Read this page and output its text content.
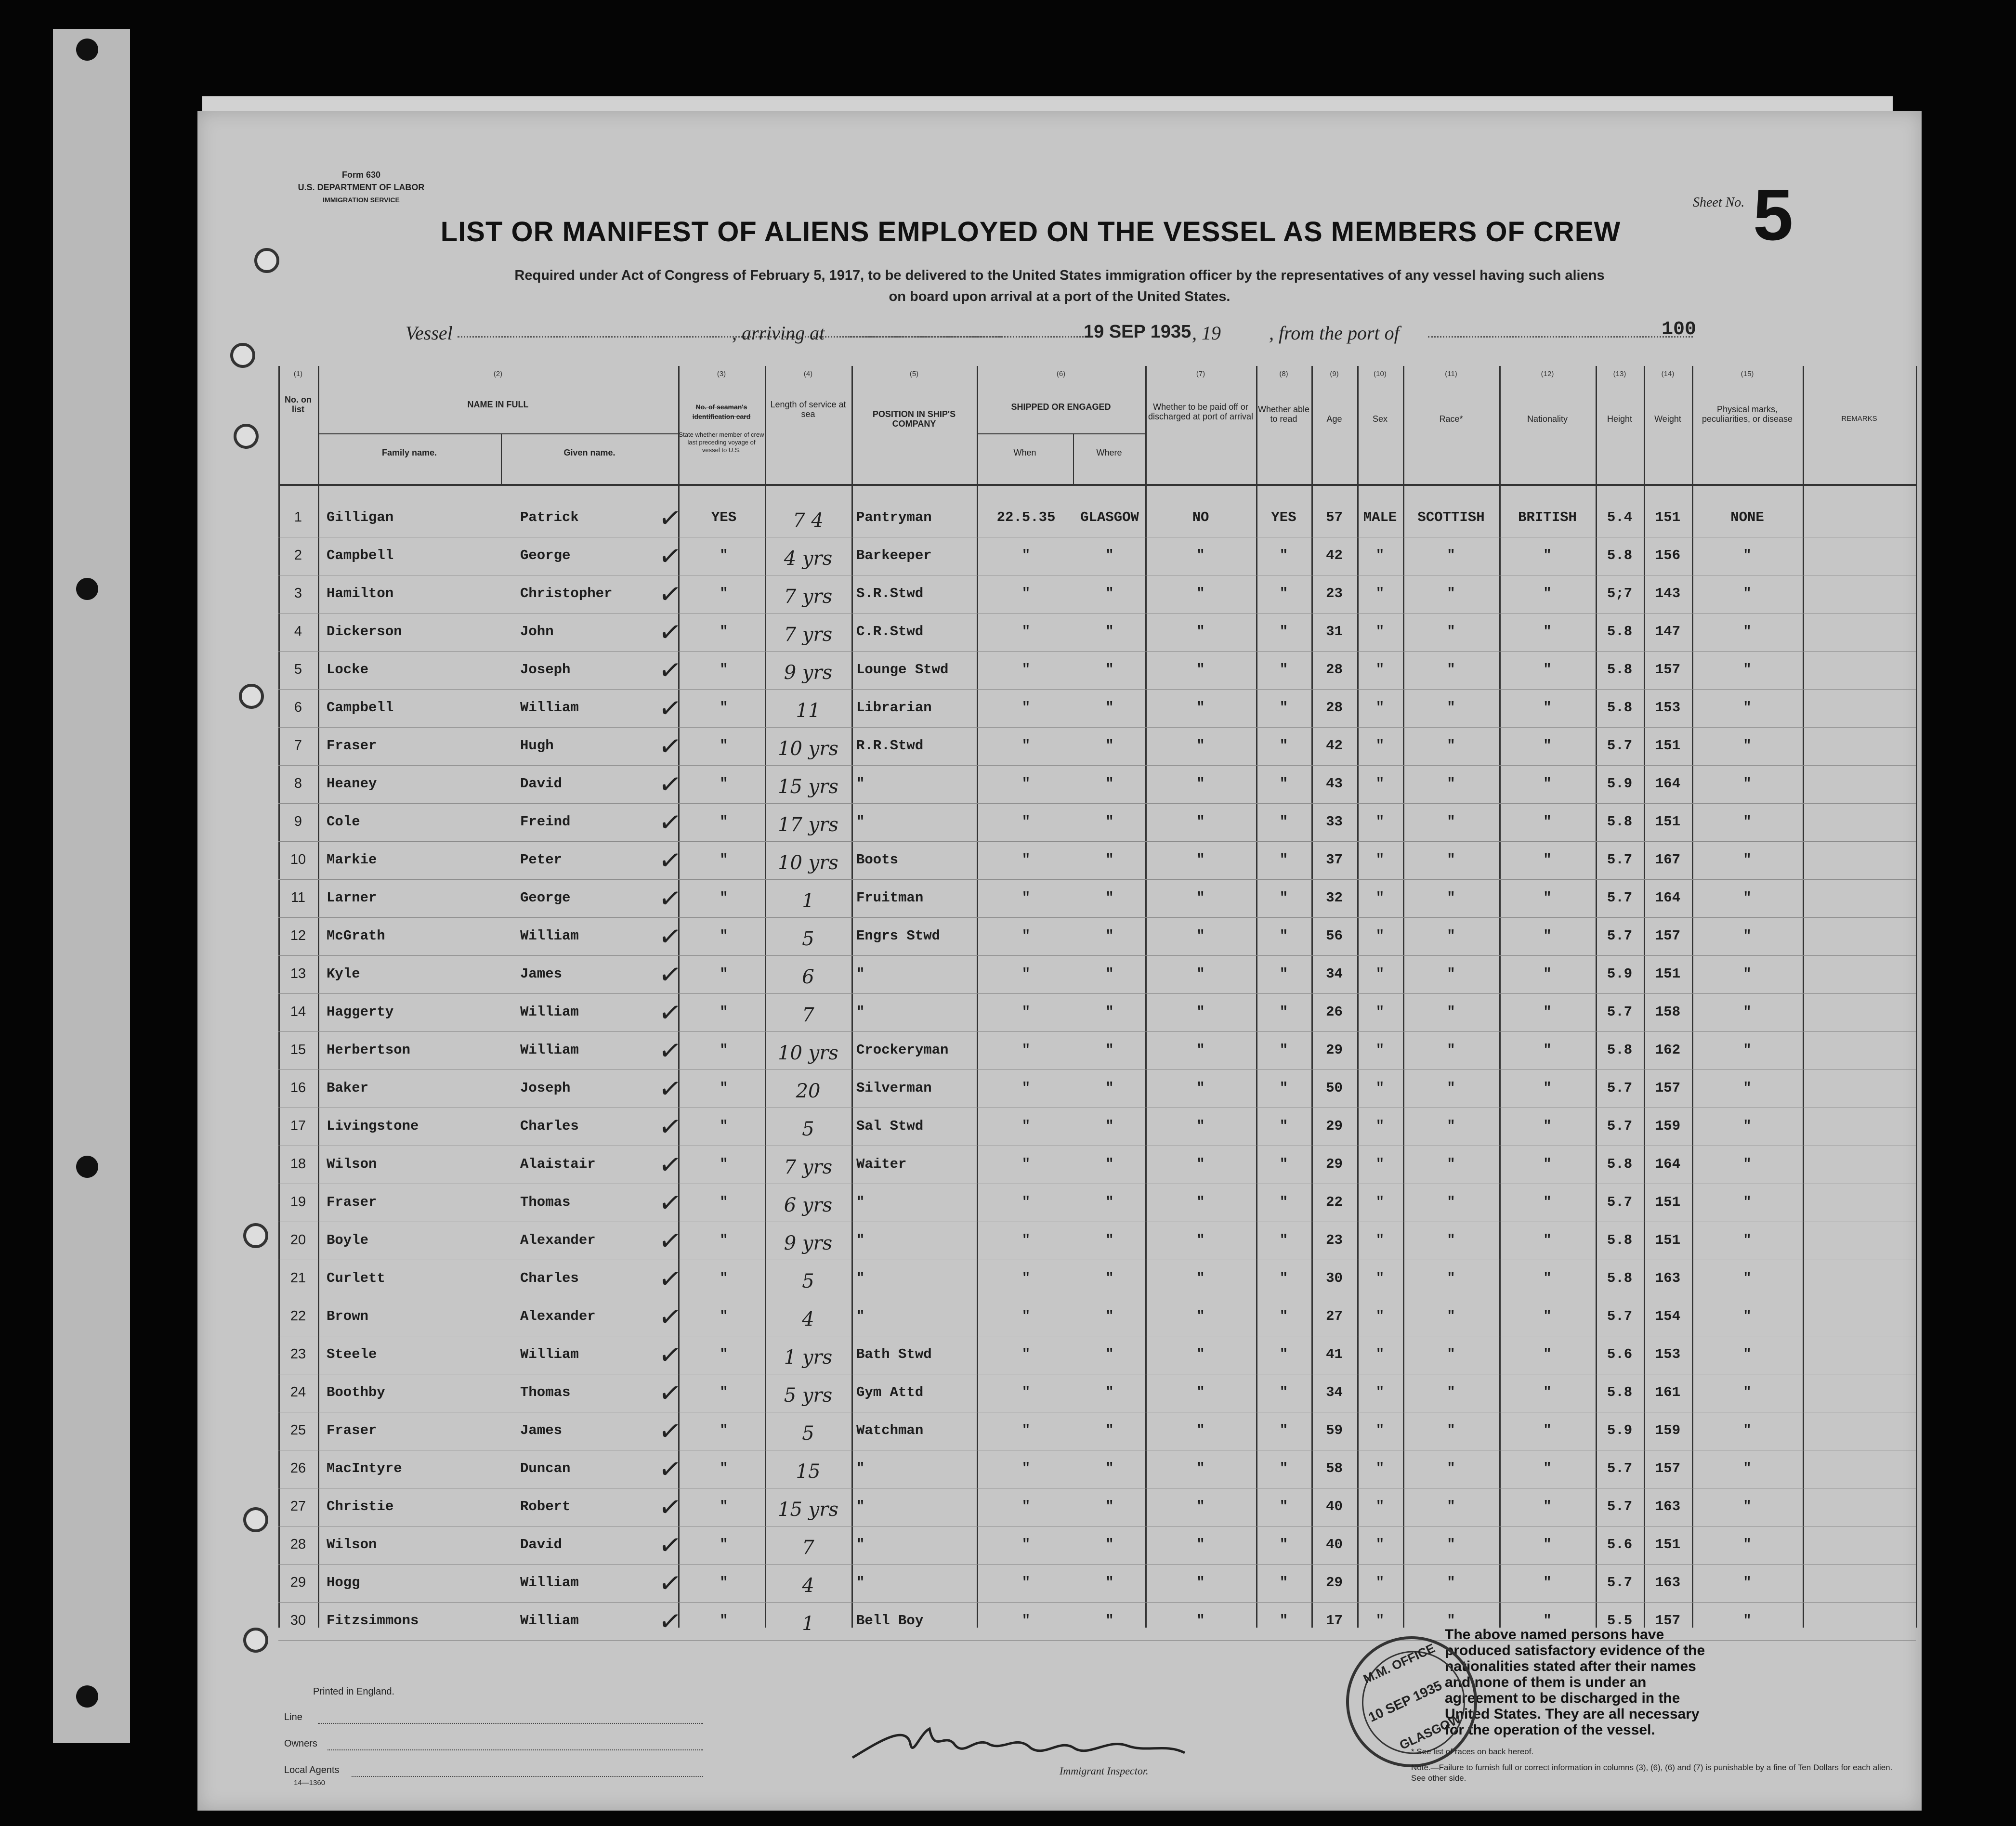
Form 630
U.S. DEPARTMENT OF LABOR
IMMIGRATION SERVICE	Sheet No. 5
LIST OR MANIFEST OF ALIENS EMPLOYED ON THE VESSEL AS MEMBERS OF CREW
Required under Act of Congress of February 5, 1917, to be delivered to the United States immigration officer by the representatives of any vessel having such aliens
on board upon arrival at a port of the United States.
Vessel	, arriving at	19 SEP 1935 , 19	, from the port of	100
No. on list	NAME IN FULL
Family name.	Given name.
No. of seaman's identification card
State whether member of crew last preceding voyage of vessel to U.S.
Length of service at sea	POSITION IN SHIP'S COMPANY
SHIPPED OR ENGAGED
When	Where
Whether to be paid off or discharged at port of arrival
Whether able to read	Age	Sex	Race*	Nationality	Height	Weight
Physical marks, peculiarities, or disease	REMARKS
(1)	(2)	(3)	(4)	(5)	(6)	(7)	(8)	(9)	(10)	(11)	(12)	(13)	(14)	(15)
1	Gilligan	Patrick	YES	7 4	Pantryman	22.5.35	GLASGOW	NO	YES	57	MALE	SCOTTISH	BRITISH	5.4	151	NONE
✓
2	Campbell	George	"	4 yrs	Barkeeper	"	"	"	"	42	"	"	"	5.8	156	"
✓
3	Hamilton	Christopher	"	7 yrs	S.R.Stwd	"	"	"	"	23	"	"	"	5;7	143	"
✓
4	Dickerson	John	"	7 yrs	C.R.Stwd	"	"	"	"	31	"	"	"	5.8	147	"
✓
5	Locke	Joseph	"	9 yrs	Lounge Stwd	"	"	"	"	28	"	"	"	5.8	157	"
✓
6	Campbell	William	"	11	Librarian	"	"	"	"	28	"	"	"	5.8	153	"
✓
7	Fraser	Hugh	"	10 yrs	R.R.Stwd	"	"	"	"	42	"	"	"	5.7	151	"
✓
8	Heaney	David	"	15 yrs	"	"	"	"	"	43	"	"	"	5.9	164	"
✓
9	Cole	Freind	"	17 yrs	"	"	"	"	"	33	"	"	"	5.8	151	"
✓
10	Markie	Peter	"	10 yrs	Boots	"	"	"	"	37	"	"	"	5.7	167	"
✓
11	Larner	George	"	1	Fruitman	"	"	"	"	32	"	"	"	5.7	164	"
✓
12	McGrath	William	"	5	Engrs Stwd	"	"	"	"	56	"	"	"	5.7	157	"
✓
13	Kyle	James	"	6	"	"	"	"	"	34	"	"	"	5.9	151	"
✓
14	Haggerty	William	"	7	"	"	"	"	"	26	"	"	"	5.7	158	"
✓
15	Herbertson	William	"	10 yrs	Crockeryman	"	"	"	"	29	"	"	"	5.8	162	"
✓
16	Baker	Joseph	"	20	Silverman	"	"	"	"	50	"	"	"	5.7	157	"
✓
17	Livingstone	Charles	"	5	Sal Stwd	"	"	"	"	29	"	"	"	5.7	159	"
✓
18	Wilson	Alaistair	"	7 yrs	Waiter	"	"	"	"	29	"	"	"	5.8	164	"
✓
19	Fraser	Thomas	"	6 yrs	"	"	"	"	"	22	"	"	"	5.7	151	"
✓
20	Boyle	Alexander	"	9 yrs	"	"	"	"	"	23	"	"	"	5.8	151	"
✓
21	Curlett	Charles	"	5	"	"	"	"	"	30	"	"	"	5.8	163	"
✓
22	Brown	Alexander	"	4	"	"	"	"	"	27	"	"	"	5.7	154	"
✓
23	Steele	William	"	1 yrs	Bath Stwd	"	"	"	"	41	"	"	"	5.6	153	"
✓
24	Boothby	Thomas	"	5 yrs	Gym Attd	"	"	"	"	34	"	"	"	5.8	161	"
✓
25	Fraser	James	"	5	Watchman	"	"	"	"	59	"	"	"	5.9	159	"
✓
26	MacIntyre	Duncan	"	15	"	"	"	"	"	58	"	"	"	5.7	157	"
✓
27	Christie	Robert	"	15 yrs	"	"	"	"	"	40	"	"	"	5.7	163	"
✓
28	Wilson	David	"	7	"	"	"	"	"	40	"	"	"	5.6	151	"
✓
29	Hogg	William	"	4	"	"	"	"	"	29	"	"	"	5.7	163	"
✓
30	Fitzsimmons	William	"	1	Bell Boy	"	"	"	"	17	"	"	"	5.5	157	"
✓
Printed in England.
Line
Owners
Local Agents
14—1360
Immigrant Inspector.
The above named persons have produced satisfactory evidence of the nationalities stated after their names and none of them is under an agreement to be discharged in the United States. They are all necessary for the operation of the vessel.
M.M. OFFICE
10 SEP 1935
GLASGOW
* See list of races on back hereof.
Note.—Failure to furnish full or correct information in columns (3), (6), (6) and (7) is punishable by a fine of Ten Dollars for each alien. See other side.
